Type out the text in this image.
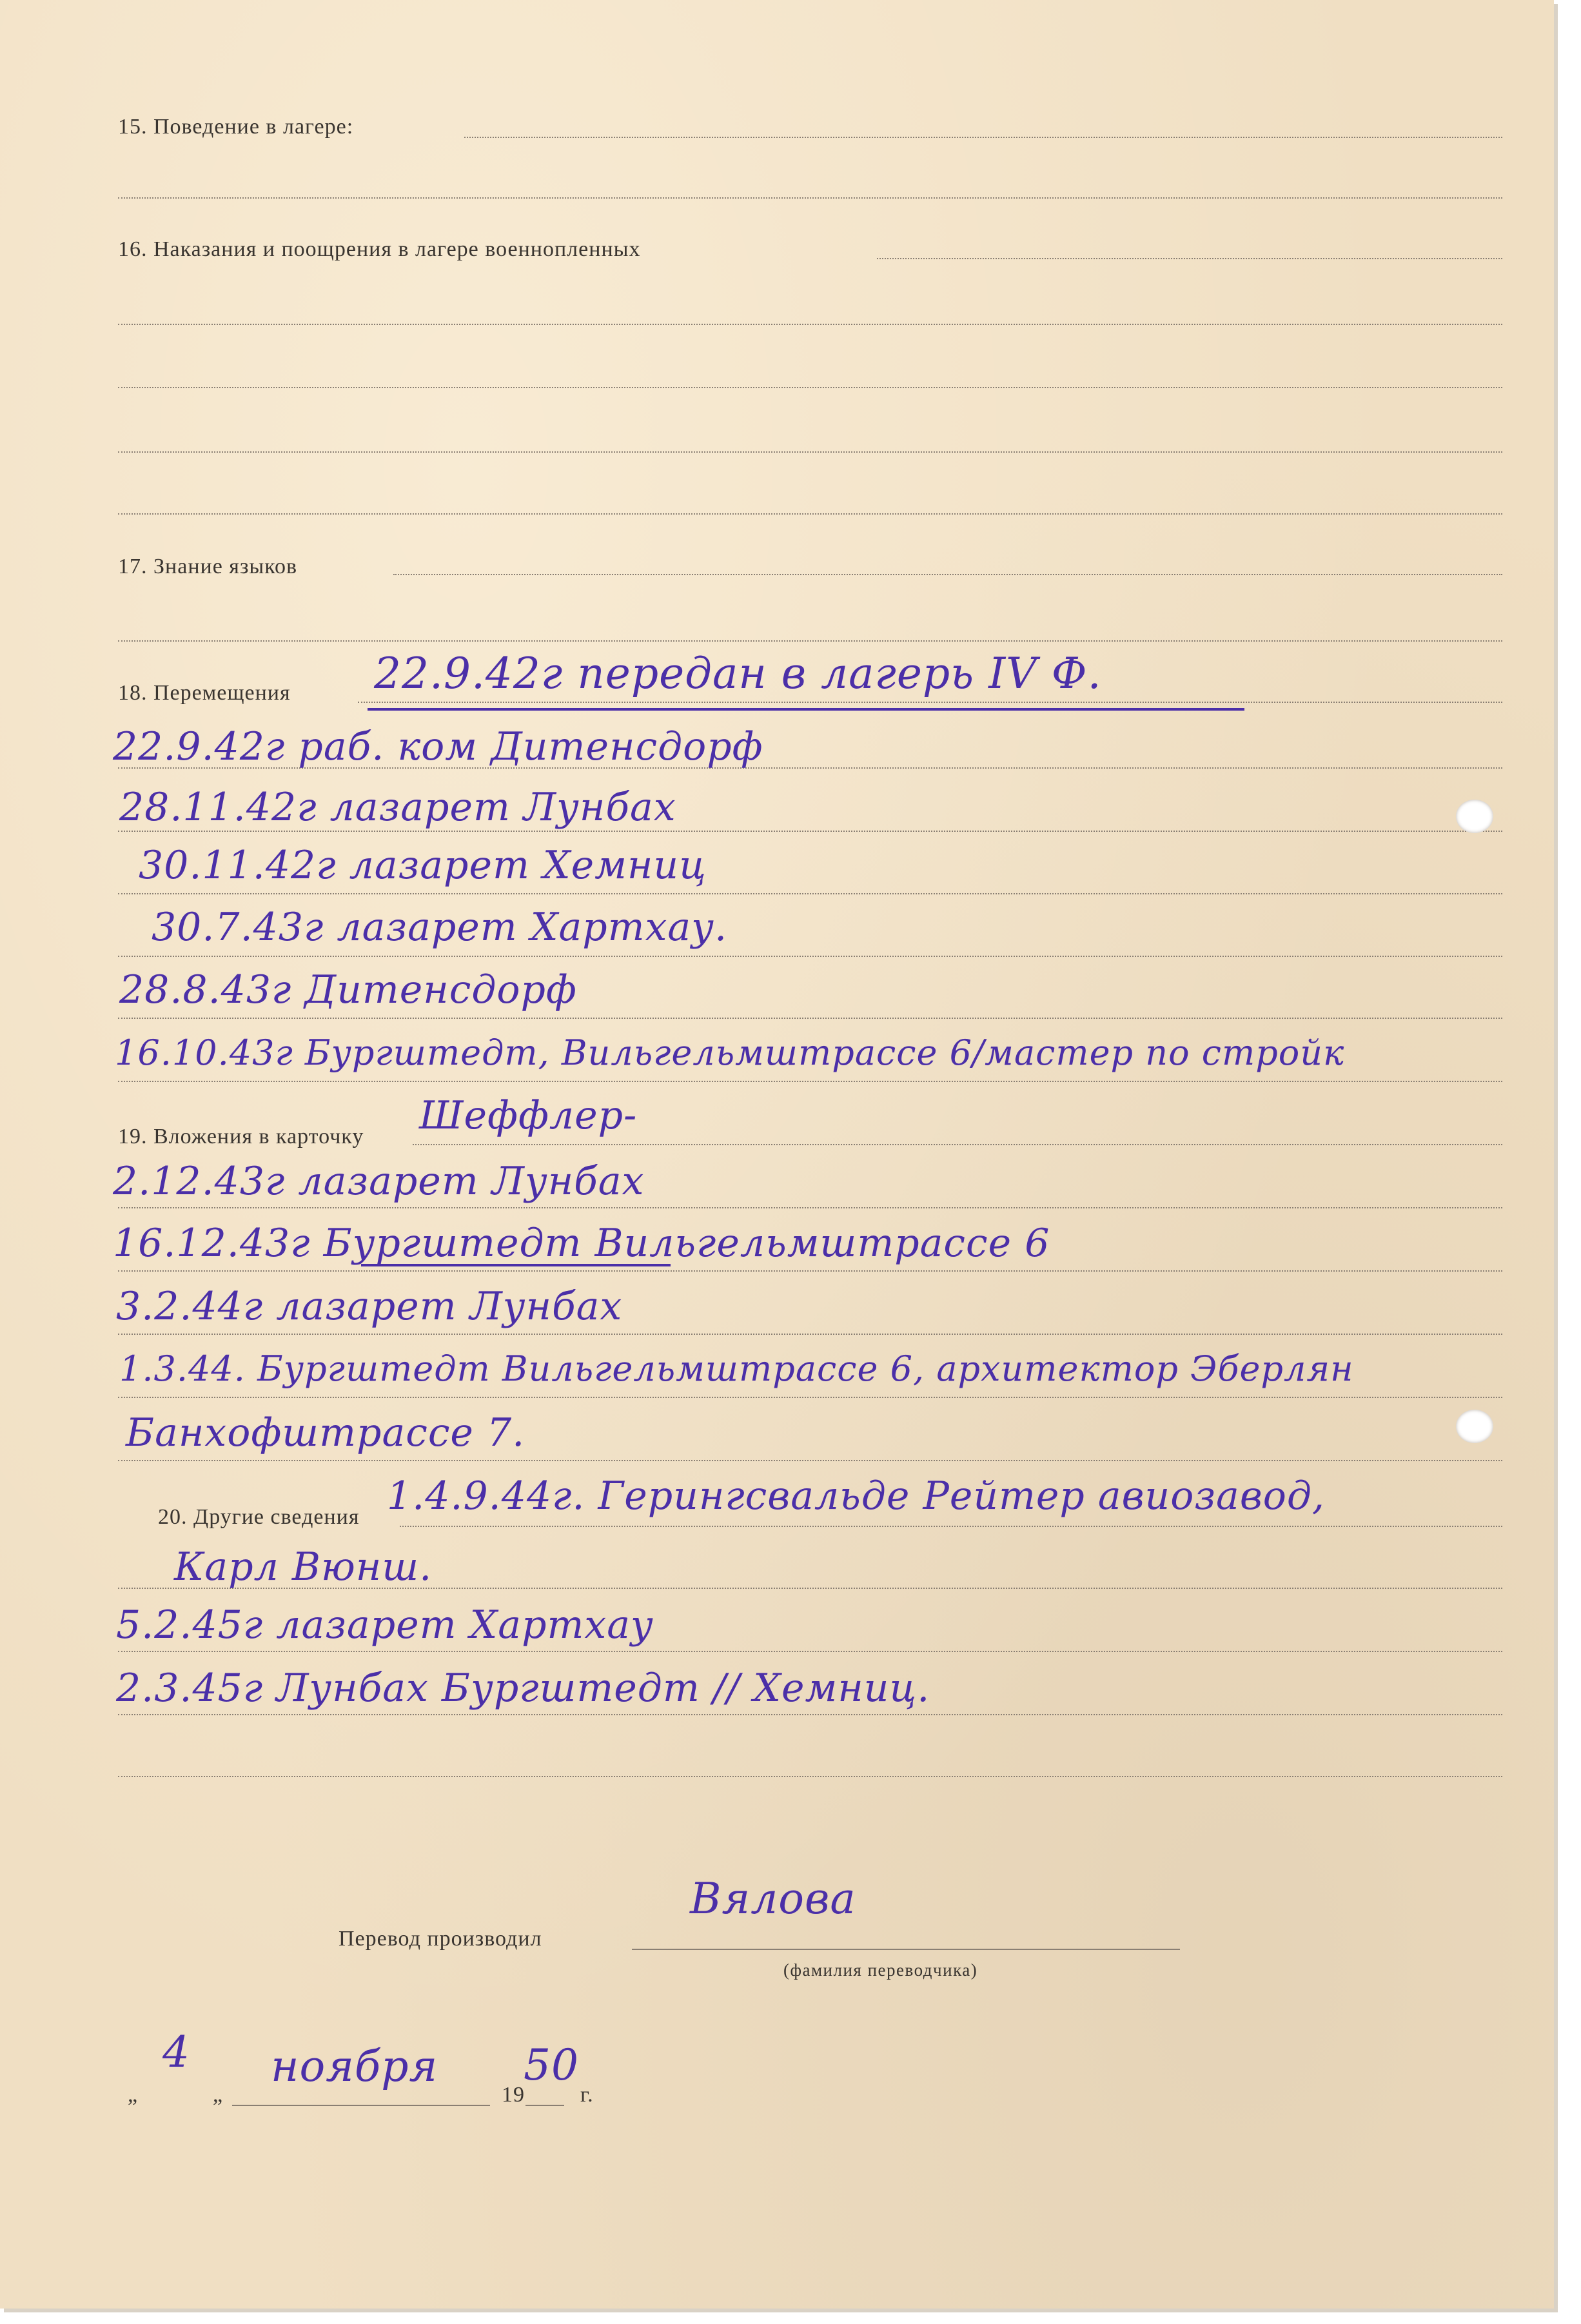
15. Поведение в лагере:
16. Наказания и поощрения в лагере военнопленных
17. Знание языков
18. Перемещения 22.9.42г передан в лагерь IV Ф.
22.9.42г раб. ком Дитенсдорф
28.11.42г лазарет Лунбах
30.11.42г лазарет Хемниц
30.7.43г лазарет Хартхау.
28.8.43г Дитенсдорф
16.10.43г Бургштедт, Вильгельмштрассе 6/мастер по стройк
19. Вложения в карточку Шеффлер-
2.12.43г лазарет Лунбах
16.12.43г Бургштедт Вильгельмштрассе 6
3.2.44г лазарет Лунбах
1.3.44. Бургштедт Вильгельмштрассе 6, архитектор Эберлян
Банхофштрассе 7.
20. Другие сведения 1.4.9.44г. Герингсвальде Рейтер авиозавод,
Карл Вюнш.
5.2.45г лазарет Хартхау
2.3.45г Лунбах Бургштедт // Хемниц.
Перевод производил
Вялова
(фамилия переводчика)
„
4
„
ноября
19
50
г.
